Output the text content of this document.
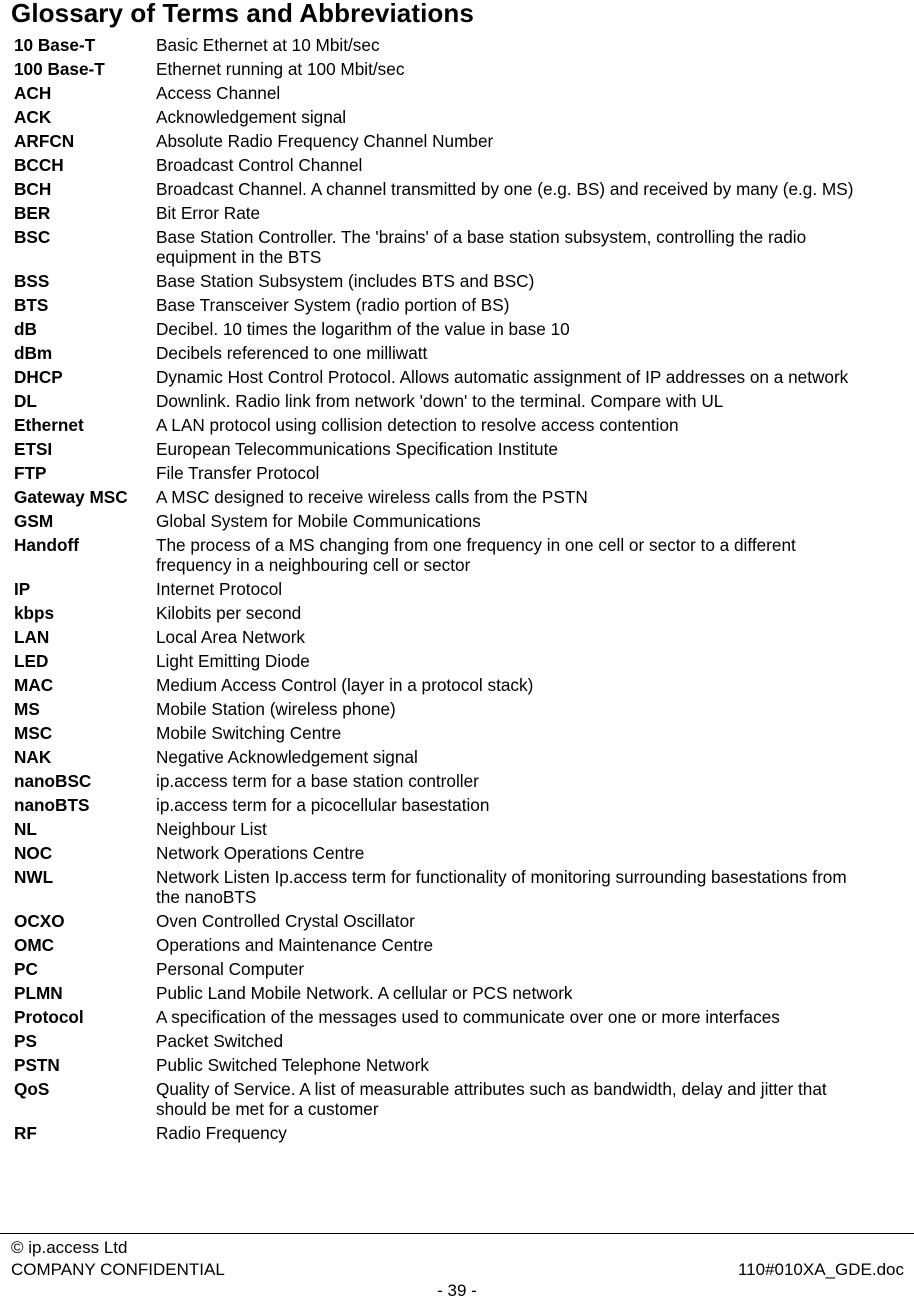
Glossary of Terms and Abbreviations
10 Base-T	Basic Ethernet at 10 Mbit/sec
100 Base-T	Ethernet running at 100 Mbit/sec
ACH	Access Channel
ACK	Acknowledgement signal
ARFCN	Absolute Radio Frequency Channel Number
BCCH	Broadcast Control Channel
BCH	Broadcast Channel. A channel transmitted by one (e.g. BS) and received by many (e.g. MS)
BER	Bit Error Rate
BSC	Base Station Controller. The 'brains' of a base station subsystem, controlling the radio equipment in the BTS
BSS	Base Station Subsystem (includes BTS and BSC)
BTS	Base Transceiver System (radio portion of BS)
dB	Decibel. 10 times the logarithm of the value in base 10
dBm	Decibels referenced to one milliwatt
DHCP	Dynamic Host Control Protocol. Allows automatic assignment of IP addresses on a network
DL	Downlink. Radio link from network 'down' to the terminal. Compare with UL
Ethernet	A LAN protocol using collision detection to resolve access contention
ETSI	European Telecommunications Specification Institute
FTP	File Transfer Protocol
Gateway MSC	A MSC designed to receive wireless calls from the PSTN
GSM	Global System for Mobile Communications
Handoff	The process of a MS changing from one frequency in one cell or sector to a different frequency in a neighbouring cell or sector
IP	Internet Protocol
kbps	Kilobits per second
LAN	Local Area Network
LED	Light Emitting Diode
MAC	Medium Access Control (layer in a protocol stack)
MS	Mobile Station (wireless phone)
MSC	Mobile Switching Centre
NAK	Negative Acknowledgement signal
nanoBSC	ip.access term for a base station controller
nanoBTS	ip.access term for a picocellular basestation
NL	Neighbour List
NOC	Network Operations Centre
NWL	Network Listen Ip.access term for functionality of monitoring surrounding basestations from the nanoBTS
OCXO	Oven Controlled Crystal Oscillator
OMC	Operations and Maintenance Centre
PC	Personal Computer
PLMN	Public Land Mobile Network. A cellular or PCS network
Protocol	A specification of the messages used to communicate over one or more interfaces
PS	Packet Switched
PSTN	Public Switched Telephone Network
QoS	Quality of Service. A list of measurable attributes such as bandwidth, delay and jitter that should be met for a customer
RF	Radio Frequency
© ip.access Ltd
COMPANY CONFIDENTIAL	110#010XA_GDE.doc
- 39 -
